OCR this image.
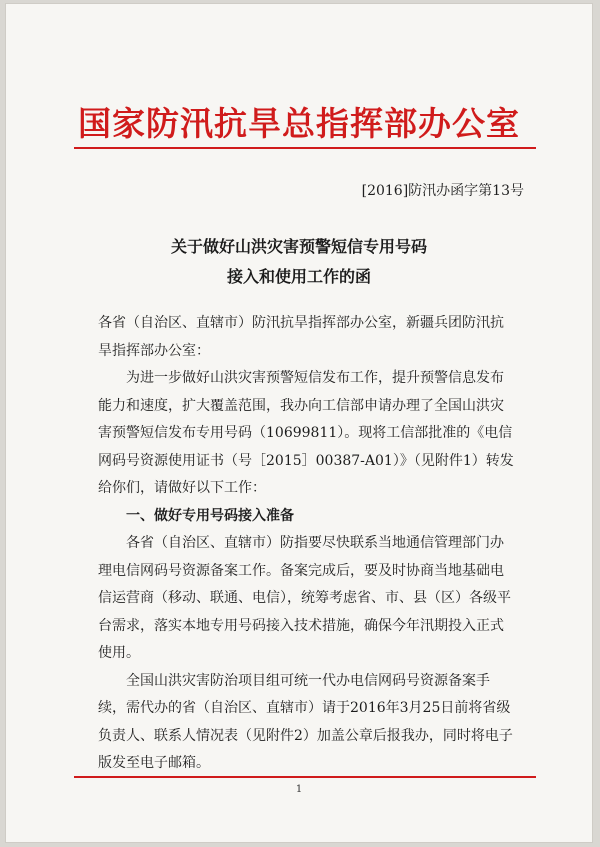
国家防汛抗旱总指挥部办公室
[2016]防汛办函字第13号
关于做好山洪灾害预警短信专用号码
接入和使用工作的函

各省（自治区、直辖市）防汛抗旱指挥部办公室，新疆兵团防汛抗旱指挥部办公室：

为进一步做好山洪灾害预警短信发布工作，提升预警信息发布能力和速度，扩大覆盖范围，我办向工信部申请办理了全国山洪灾害预警短信发布专用号码（10699811）。现将工信部批准的《电信网码号资源使用证书（号［2015］00387-A01）》（见附件1）转发给你们，请做好以下工作：

一、做好专用号码接入准备

各省（自治区、直辖市）防指要尽快联系当地通信管理部门办理电信网码号资源备案工作。备案完成后，要及时协商当地基础电信运营商（移动、联通、电信），统筹考虑省、市、县（区）各级平台需求，落实本地专用号码接入技术措施，确保今年汛期投入正式使用。

全国山洪灾害防治项目组可统一代办电信网码号资源备案手续，需代办的省（自治区、直辖市）请于2016年3月25日前将省级负责人、联系人情况表（见附件2）加盖公章后报我办，同时将电子版发至电子邮箱。

1
